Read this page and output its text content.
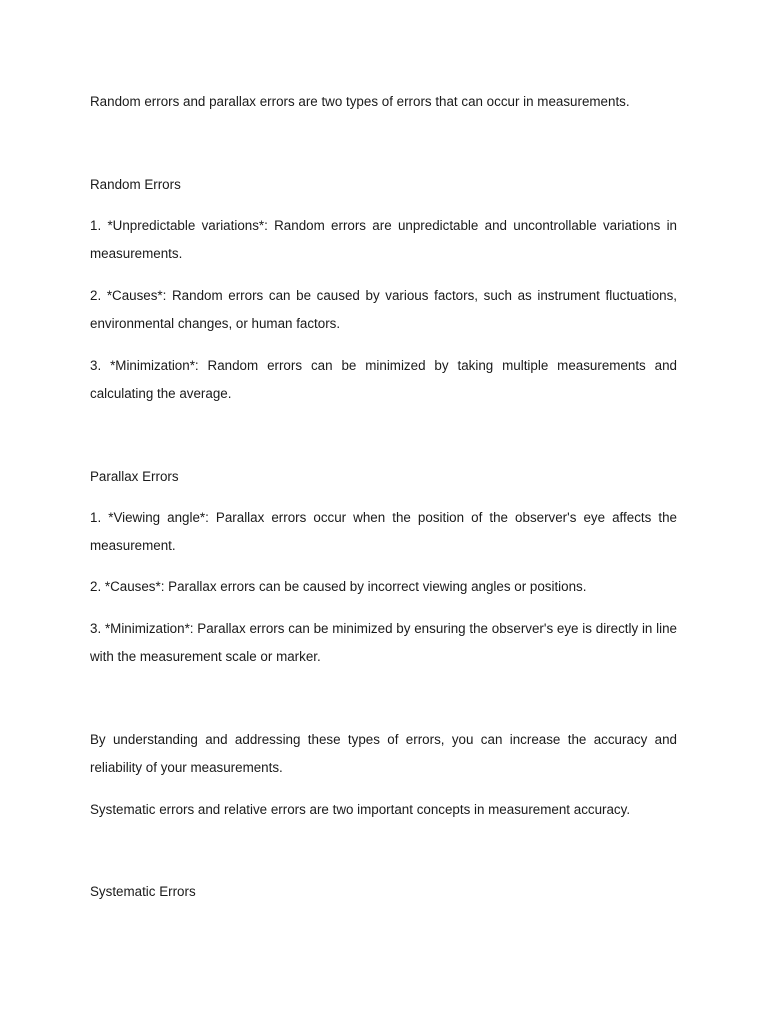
Random errors and parallax errors are two types of errors that can occur in measurements.

Random Errors

1. *Unpredictable variations*: Random errors are unpredictable and uncontrollable variations in measurements.

2. *Causes*: Random errors can be caused by various factors, such as instrument fluctuations, environmental changes, or human factors.

3. *Minimization*: Random errors can be minimized by taking multiple measurements and calculating the average.

Parallax Errors

1. *Viewing angle*: Parallax errors occur when the position of the observer's eye affects the measurement.

2. *Causes*: Parallax errors can be caused by incorrect viewing angles or positions.

3. *Minimization*: Parallax errors can be minimized by ensuring the observer's eye is directly in line with the measurement scale or marker.

By understanding and addressing these types of errors, you can increase the accuracy and reliability of your measurements.

Systematic errors and relative errors are two important concepts in measurement accuracy.

Systematic Errors
